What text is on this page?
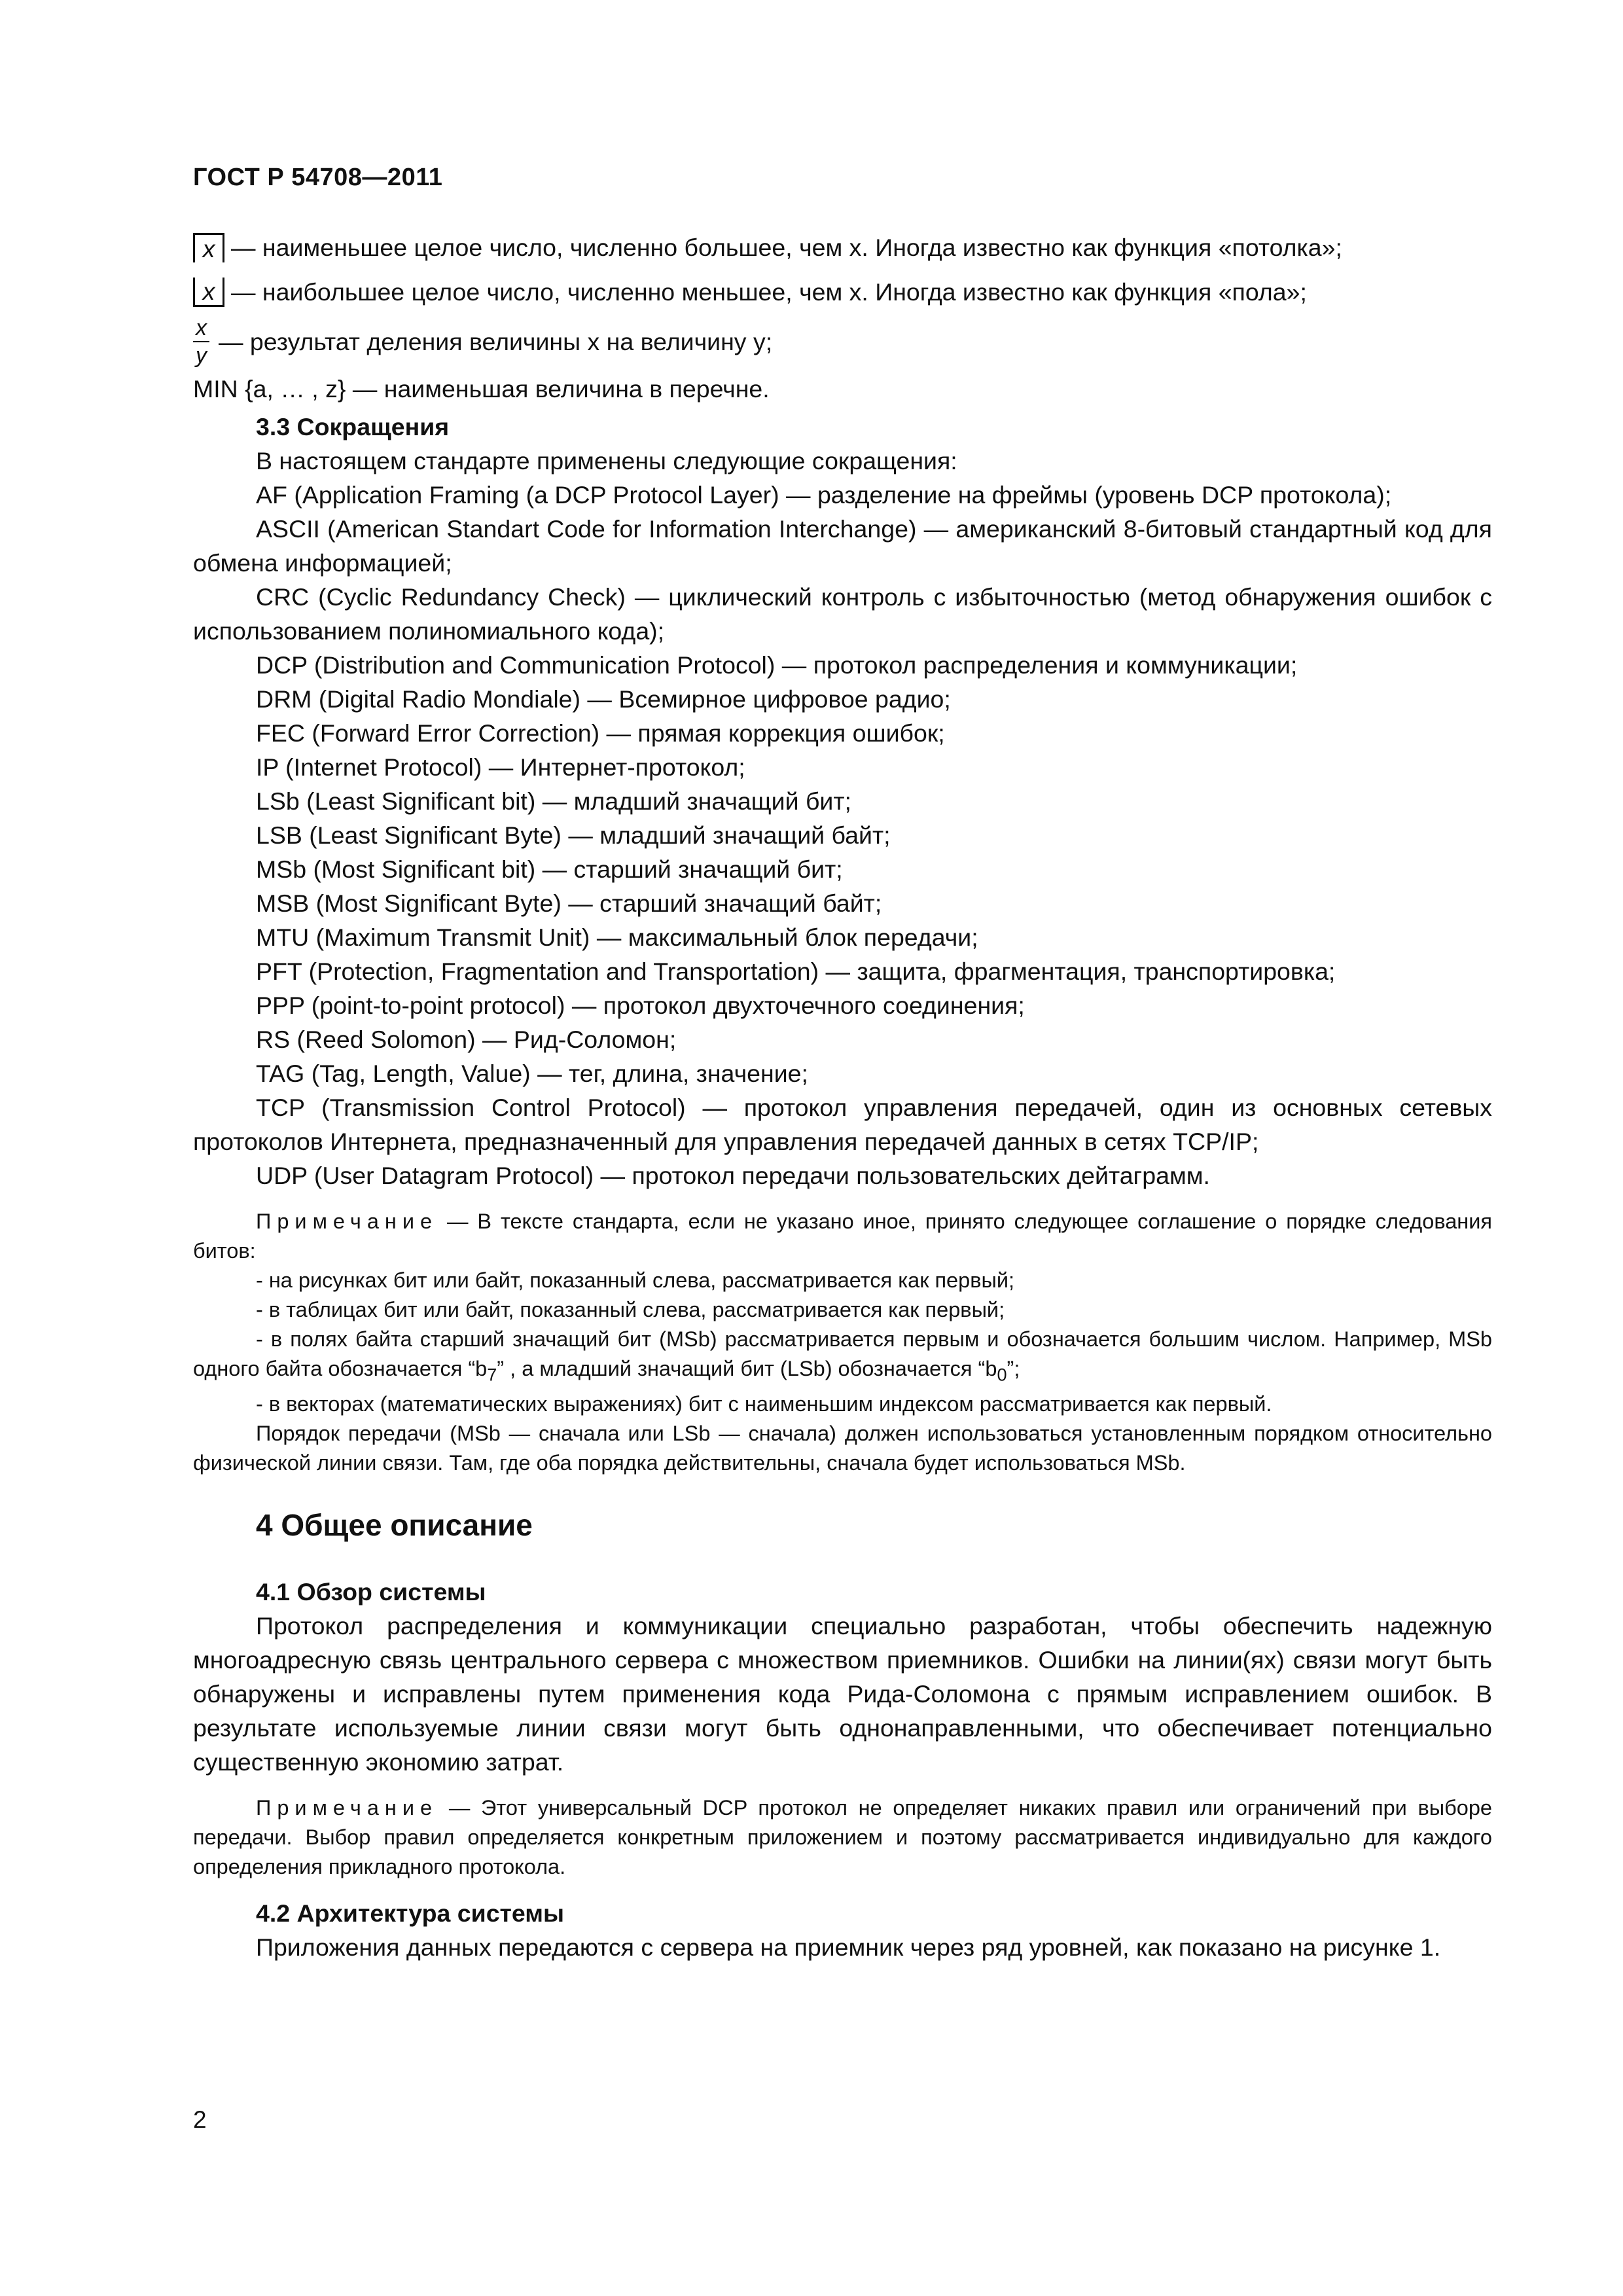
ГОСТ Р 54708—2011
x — наименьшее целое число, численно большее, чем x. Иногда известно как функция «потолка»;
x — наибольшее целое число, численно меньшее, чем x. Иногда известно как функция «пола»;
$\frac{x}{y}$ — результат деления величины x на величину y;
MIN {a, … , z} — наименьшая величина в перечне.
3.3 Сокращения
В настоящем стандарте применены следующие сокращения:
AF (Application Framing (a DCP Protocol Layer) — разделение на фреймы (уровень DCP протокола);
ASCII (American Standart Code for Information Interchange) — американский 8-битовый стандартный код для обмена информацией;
CRC (Cyclic Redundancy Check) — циклический контроль с избыточностью (метод обнаружения ошибок с использованием полиномиального кода);
DCP (Distribution and Communication Protocol) — протокол распределения и коммуникации;
DRM (Digital Radio Mondiale) — Всемирное цифровое радио;
FEC (Forward Error Correction) — прямая коррекция ошибок;
IP (Internet Protocol) — Интернет-протокол;
LSb (Least Significant bit) — младший значащий бит;
LSB (Least Significant Byte) — младший значащий байт;
MSb (Most Significant bit) — старший значащий бит;
MSB (Most Significant Byte) — старший значащий байт;
MTU (Maximum Transmit Unit) — максимальный блок передачи;
PFT (Protection, Fragmentation and Transportation) — защита, фрагментация, транспортировка;
PPP (point-to-point protocol) — протокол двухточечного соединения;
RS (Reed Solomon) — Рид-Соломон;
TAG (Tag, Length, Value) — тег, длина, значение;
TCP (Transmission Control Protocol) — протокол управления передачей, один из основных сетевых протоколов Интернета, предназначенный для управления передачей данных в сетях TCP/IP;
UDP (User Datagram Protocol) — протокол передачи пользовательских дейтаграмм.
Примечание — В тексте стандарта, если не указано иное, принято следующее соглашение о порядке следования битов:
- на рисунках бит или байт, показанный слева, рассматривается как первый;
- в таблицах бит или байт, показанный слева, рассматривается как первый;
- в полях байта старший значащий бит (MSb) рассматривается первым и обозначается большим числом. Например, MSb одного байта обозначается “$b_7$” , а младший значащий бит (LSb) обозначается “$b_0$”;
- в векторах (математических выражениях) бит с наименьшим индексом рассматривается как первый.
Порядок передачи (MSb — сначала или LSb — сначала) должен использоваться установленным порядком относительно физической линии связи. Там, где оба порядка действительны, сначала будет использоваться MSb.
4 Общее описание
4.1 Обзор системы
Протокол распределения и коммуникации специально разработан, чтобы обеспечить надежную многоадресную связь центрального сервера с множеством приемников. Ошибки на линии(ях) связи могут быть обнаружены и исправлены путем применения кода Рида-Соломона с прямым исправлением ошибок. В результате используемые линии связи могут быть однонаправленными, что обеспечивает потенциально существенную экономию затрат.
Примечание — Этот универсальный DCP протокол не определяет никаких правил или ограничений при выборе передачи. Выбор правил определяется конкретным приложением и поэтому рассматривается индивидуально для каждого определения прикладного протокола.
4.2 Архитектура системы
Приложения данных передаются с сервера на приемник через ряд уровней, как показано на рисунке 1.
2
